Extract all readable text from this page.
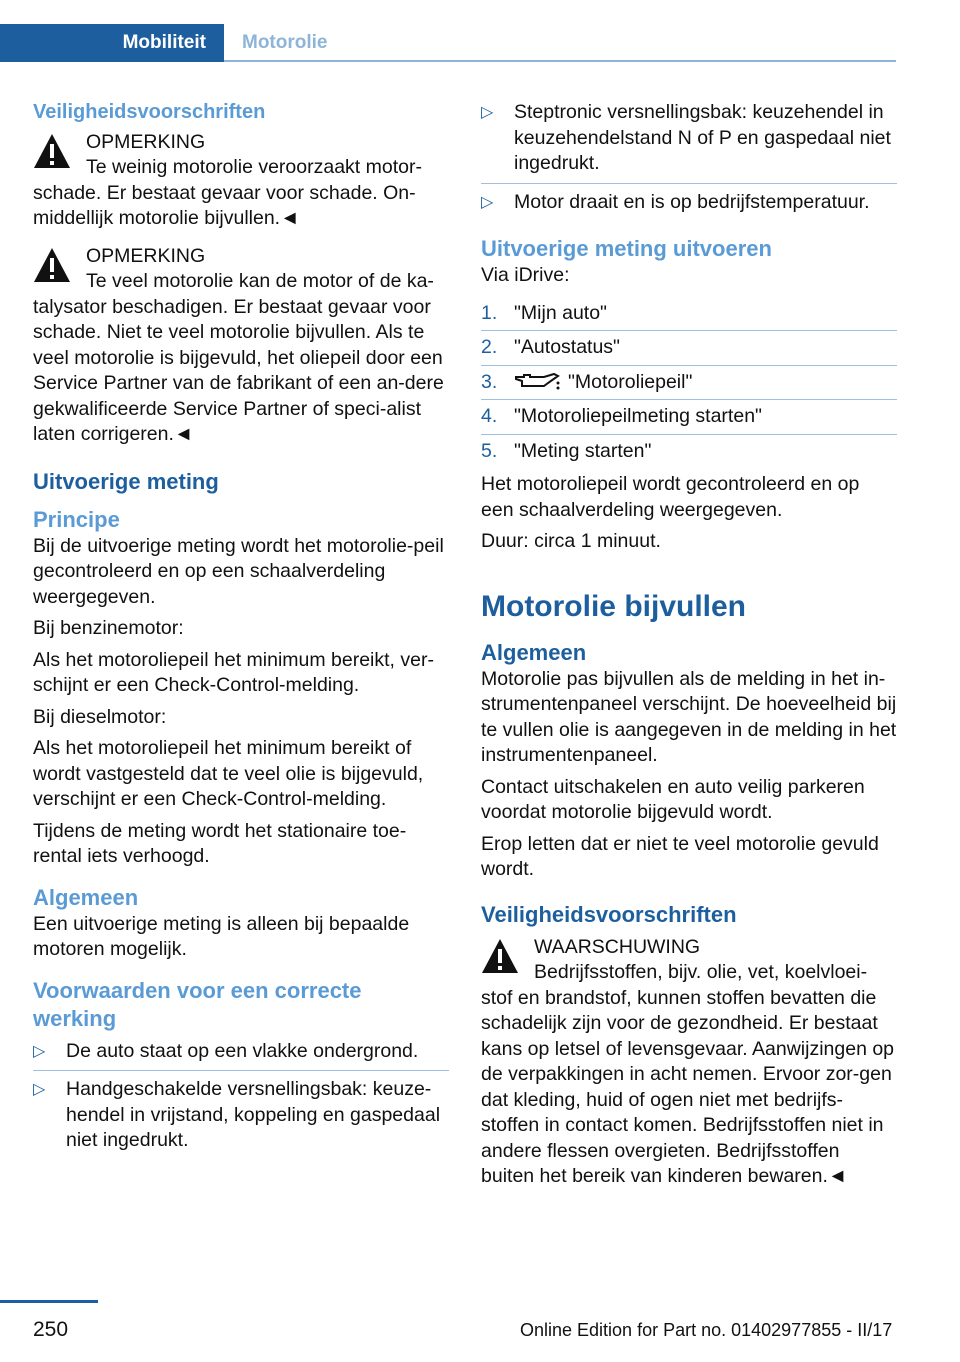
Mobiliteit	Motorolie
Veiligheidsvoorschriften
OPMERKING

Te weinig motorolie veroorzaakt motor-schade. Er bestaat gevaar voor schade. On-middellijk motorolie bijvullen.◄

OPMERKING

Te veel motorolie kan de motor of de ka-talysator beschadigen. Er bestaat gevaar voor schade. Niet te veel motorolie bijvullen. Als te veel motorolie is bijgevuld, het oliepeil door een Service Partner van de fabrikant of een an-dere gekwalificeerde Service Partner of speci-alist laten corrigeren.◄

Uitvoerige meting
Principe

Bij de uitvoerige meting wordt het motorolie-peil gecontroleerd en op een schaalverdeling weergegeven.

Bij benzinemotor:

Als het motoroliepeil het minimum bereikt, ver-schijnt er een Check-Control-melding.

Bij dieselmotor:

Als het motoroliepeil het minimum bereikt of wordt vastgesteld dat te veel olie is bijgevuld, verschijnt er een Check-Control-melding.

Tijdens de meting wordt het stationaire toe-rental iets verhoogd.

Algemeen

Een uitvoerige meting is alleen bij bepaalde motoren mogelijk.

Voorwaarden voor een correcte werking
▷ De auto staat op een vlakke ondergrond.
▷ Handgeschakelde versnellingsbak: keuze-hendel in vrijstand, koppeling en gaspedaal niet ingedrukt.
▷ Steptronic versnellingsbak: keuzehendel in keuzehendelstand N of P en gaspedaal niet ingedrukt.
▷ Motor draait en is op bedrijfstemperatuur.
Uitvoerige meting uitvoeren

Via iDrive:

1. "Mijn auto"
2. "Autostatus"
3.	"Motoroliepeil"
4. "Motoroliepeilmeting starten"
5. "Meting starten"

Het motoroliepeil wordt gecontroleerd en op een schaalverdeling weergegeven.

Duur: circa 1 minuut.

Motorolie bijvullen
Algemeen

Motorolie pas bijvullen als de melding in het in-strumentenpaneel verschijnt. De hoeveelheid bij te vullen olie is aangegeven in de melding in het instrumentenpaneel.

Contact uitschakelen en auto veilig parkeren voordat motorolie bijgevuld wordt.

Erop letten dat er niet te veel motorolie gevuld wordt.

Veiligheidsvoorschriften
WAARSCHUWING

Bedrijfsstoffen, bijv. olie, vet, koelvloei-stof en brandstof, kunnen stoffen bevatten die schadelijk zijn voor de gezondheid. Er bestaat kans op letsel of levensgevaar. Aanwijzingen op de verpakkingen in acht nemen. Ervoor zor-gen dat kleding, huid of ogen niet met bedrijfs-stoffen in contact komen. Bedrijfsstoffen niet in andere flessen overgieten. Bedrijfsstoffen buiten het bereik van kinderen bewaren.◄

250	Online Edition for Part no. 01402977855 - II/17
